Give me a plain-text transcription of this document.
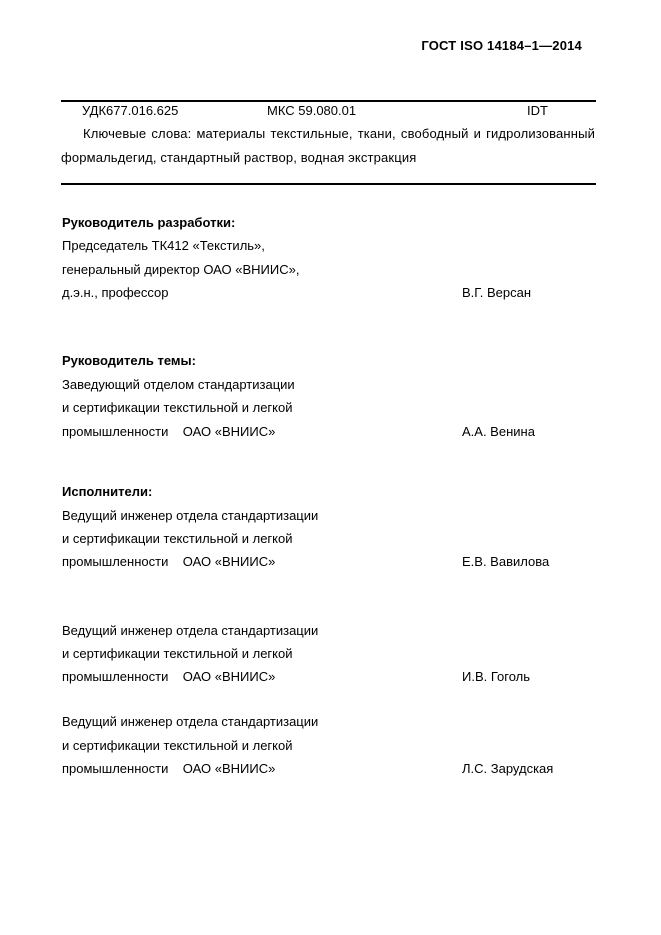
ГОСТ ISO 14184–1—2014
УДК677.016.625	МКС 59.080.01	IDT
Ключевые слова: материалы текстильные, ткани, свободный и гидролизованный формальдегид, стандартный раствор, водная экстракция
Руководитель разработки:
Председатель ТК412 «Текстиль»,
генеральный директор ОАО «ВНИИС»,
д.э.н., профессор	В.Г. Версан
Руководитель темы:
Заведующий отделом стандартизации
и сертификации текстильной и легкой
промышленности    ОАО «ВНИИС»	А.А. Венина
Исполнители:
Ведущий инженер отдела стандартизации
и сертификации текстильной и легкой
промышленности    ОАО «ВНИИС»	Е.В. Вавилова
Ведущий инженер отдела стандартизации
и сертификации текстильной и легкой
промышленности    ОАО «ВНИИС»	И.В. Гоголь
Ведущий инженер отдела стандартизации
и сертификации текстильной и легкой
промышленности    ОАО «ВНИИС»	Л.С. Зарудская
